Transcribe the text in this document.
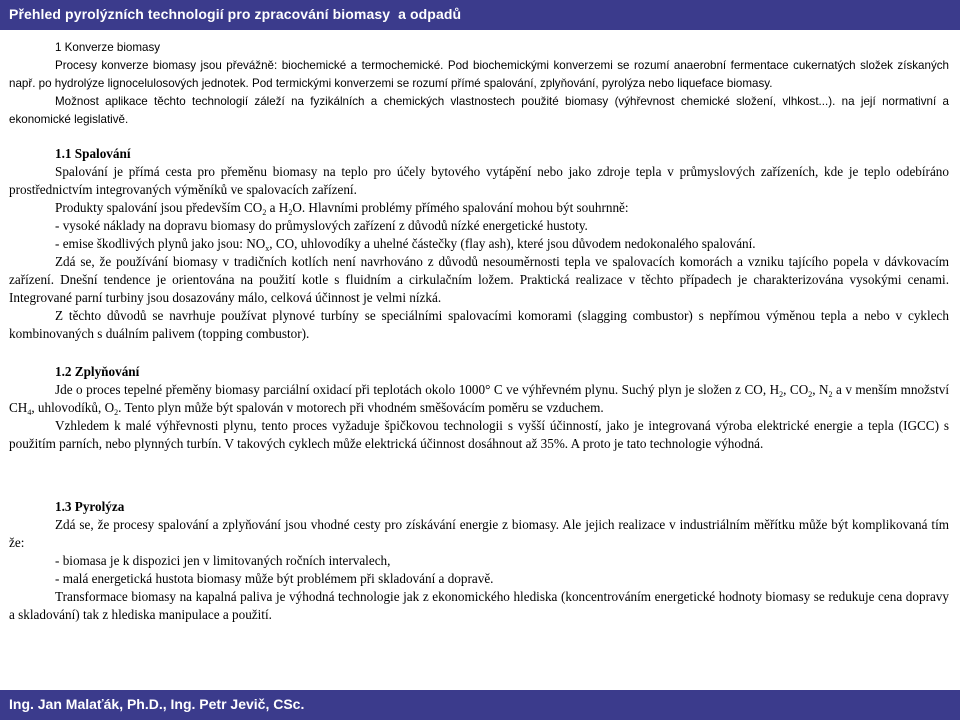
Přehled pyrolýzních technologií pro zpracování biomasy  a odpadů

1 Konverze biomasy

Procesy konverze biomasy jsou převážně: biochemické a termochemické. Pod biochemickými konverzemi se rozumí anaerobní fermentace cukernatých složek získaných např. po hydrolýze lignocelulosových jednotek. Pod termickými konverzemi se rozumí přímé spalování, zplyňování, pyrolýza nebo liquefacе biomasy.

Možnost aplikace těchto technologií záleží na fyzikálních a chemických vlastnostech použité biomasy (výhřevnost chemické složení, vlhkost...). na její normativní a ekonomické legislativě.

1.1 Spalování

Spalování je přímá cesta pro přeměnu biomasy na teplo pro účely bytového vytápění nebo jako zdroje tepla v průmyslových zařízeních, kde je teplo odebíráno prostřednictvím integrovaných výměníků ve spalovacích zařízení.

Produkty spalování jsou především $CO_2$ a $H_2O$. Hlavními problémy přímého spalování mohou být souhrnně:

- vysoké náklady na dopravu biomasy do průmyslových zařízení z důvodů nízké energetické hustoty.

- emise škodlivých plynů jako jsou: $NO_x$, CO, uhlovodíky a uhelné částečky (flay ash), které jsou důvodem nedokonalého spalování.

Zdá se, že používání biomasy v tradičních kotlích není navrhováno z důvodů nesouměrnosti tepla ve spalovacích komorách a vzniku tajícího popela v dávkovacím zařízení. Dnešní tendence je orientována na použití kotle s fluidním a cirkulačním ložem. Praktická realizace v těchto případech je charakterizována vysokými cenami. Integrované parní turbiny jsou dosazovány málo, celková účinnost je velmi nízká.

Z těchto důvodů se navrhuje používat plynové turbíny se speciálními spalovacími komorami (slagging combustor) s nepřímou výměnou tepla a nebo v cyklech kombinovaných s duálním palivem (topping combustor).

1.2 Zplyňování

Jde o proces tepelné přeměny biomasy parciální oxidací při teplotách okolo 1000° C ve výhřevném plynu. Suchý plyn je složen z CO, $H_2$, $CO_2$, $N_2$ a v menším množství $CH_4$, uhlovodíků, $O_2$. Tento plyn může být spalován v motorech při vhodném směšovácím poměru se vzduchem.

Vzhledem k malé výhřevnosti plynu, tento proces vyžaduje špičkovou technologii s vyšší účinností, jako je integrovaná výroba elektrické energie a tepla (IGCC) s použitím parních, nebo plynných turbín. V takových cyklech může elektrická účinnost dosáhnout až 35%. A proto je tato technologie výhodná.

1.3 Pyrolýza

Zdá se, že procesy spalování a zplyňování jsou vhodné cesty pro získávání energie z biomasy. Ale jejich realizace v industriálním měřítku může být komplikovaná tím že:

- biomasa je k dispozici jen v limitovaných ročních intervalech,

- malá energetická hustota biomasy může být problémem při skladování a dopravě.

Transformace biomasy na kapalná paliva je výhodná technologie jak z ekonomického hlediska (koncentrováním energetické hodnoty biomasy se redukuje cena dopravy a skladování) tak z hlediska manipulace a použití.

Ing. Jan Malaťák, Ph.D., Ing. Petr Jevič, CSc.
